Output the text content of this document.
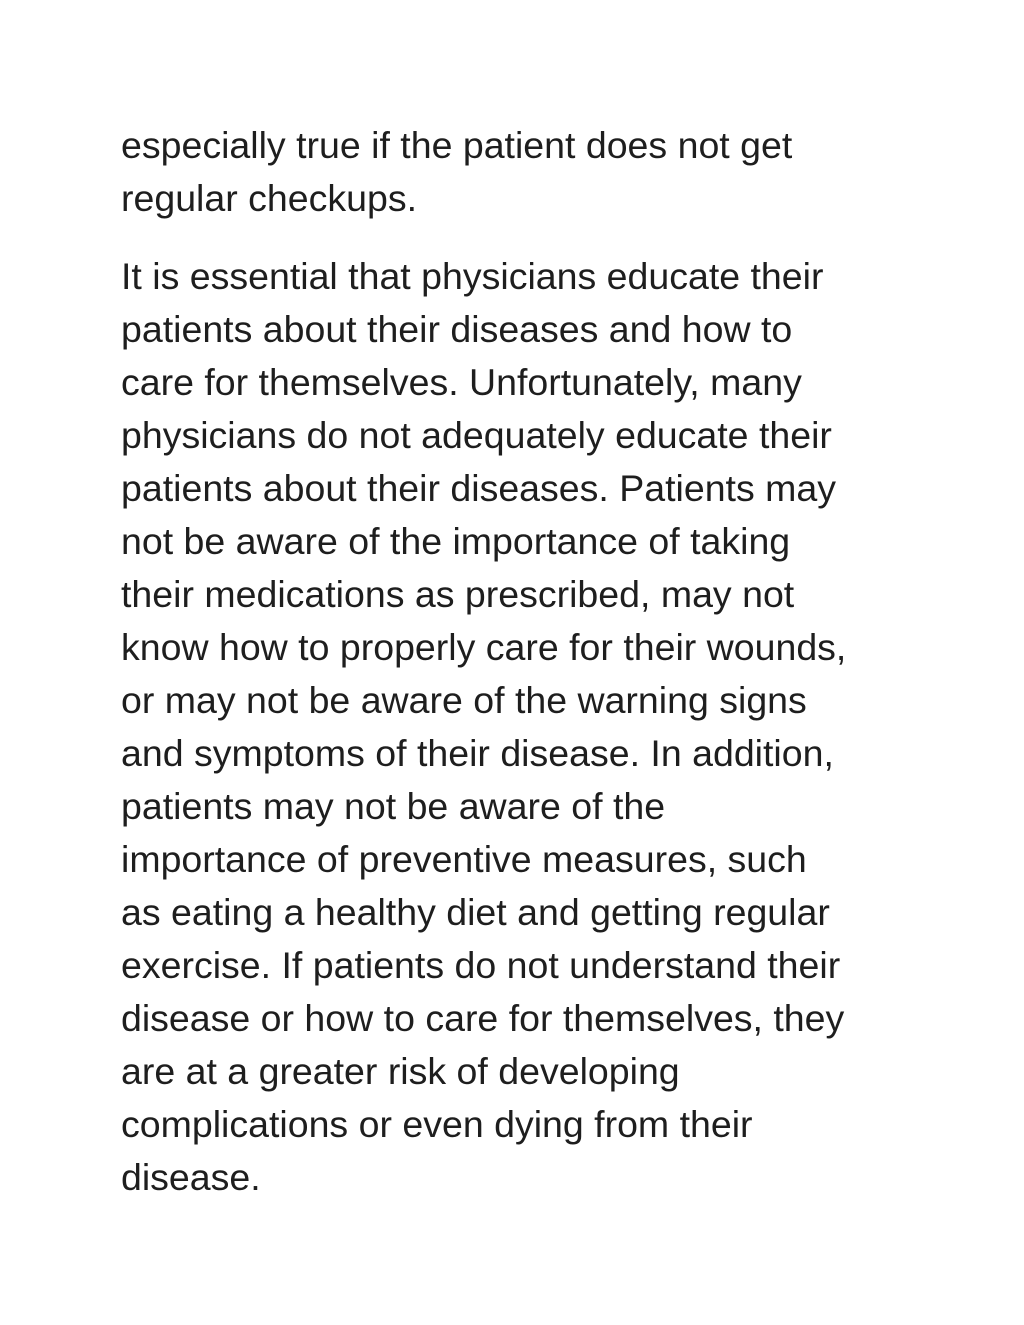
especially true if the patient does not get

regular checkups.

It is essential that physicians educate their

patients about their diseases and how to

care for themselves. Unfortunately, many

physicians do not adequately educate their

patients about their diseases. Patients may

not be aware of the importance of taking

their medications as prescribed, may not

know how to properly care for their wounds,

or may not be aware of the warning signs

and symptoms of their disease. In addition,

patients may not be aware of the

importance of preventive measures, such

as eating a healthy diet and getting regular

exercise. If patients do not understand their

disease or how to care for themselves, they

are at a greater risk of developing

complications or even dying from their

disease.
